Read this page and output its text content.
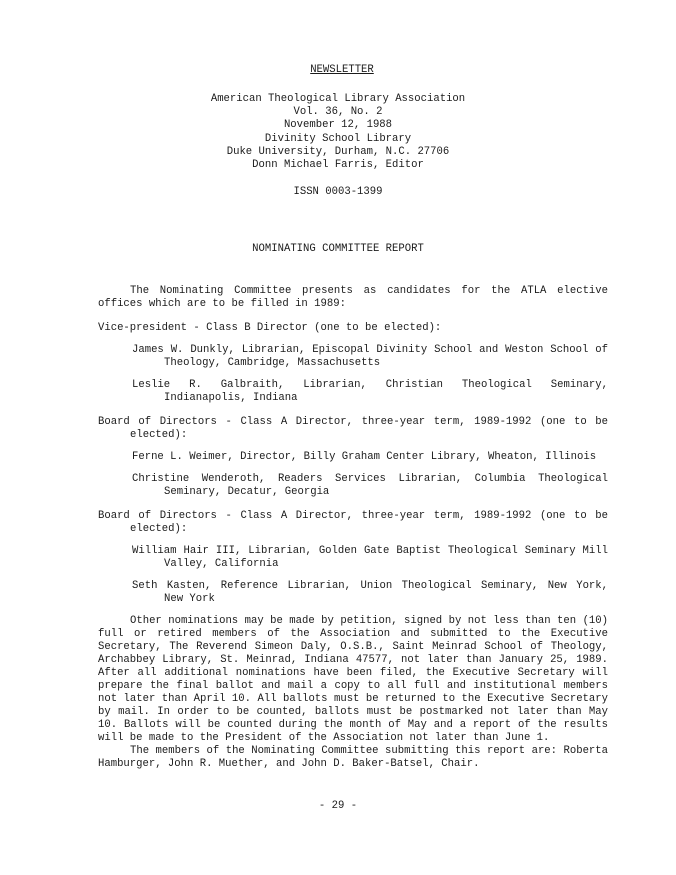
NEWSLETTER
American Theological Library Association
Vol. 36, No. 2
November 12, 1988
Divinity School Library
Duke University, Durham, N.C. 27706
Donn Michael Farris, Editor
ISSN 0003-1399
NOMINATING COMMITTEE REPORT

The Nominating Committee presents as candidates for the ATLA elective offices which are to be filled in 1989:

Vice-president - Class B Director (one to be elected):

James W. Dunkly, Librarian, Episcopal Divinity School and Weston School of Theology, Cambridge, Massachusetts

Leslie R. Galbraith, Librarian, Christian Theological Seminary, Indianapolis, Indiana

Board of Directors - Class A Director, three-year term, 1989-1992 (one to be elected):

Ferne L. Weimer, Director, Billy Graham Center Library, Wheaton, Illinois

Christine Wenderoth, Readers Services Librarian, Columbia Theological Seminary, Decatur, Georgia

Board of Directors - Class A Director, three-year term, 1989-1992 (one to be elected):

William Hair III, Librarian, Golden Gate Baptist Theological Seminary Mill Valley, California

Seth Kasten, Reference Librarian, Union Theological Seminary, New York, New York

Other nominations may be made by petition, signed by not less than ten (10) full or retired members of the Association and submitted to the Executive Secretary, The Reverend Simeon Daly, O.S.B., Saint Meinrad School of Theology, Archabbey Library, St. Meinrad, Indiana 47577, not later than January 25, 1989. After all additional nominations have been filed, the Executive Secretary will prepare the final ballot and mail a copy to all full and institutional members not later than April 10. All ballots must be returned to the Executive Secretary by mail. In order to be counted, ballots must be postmarked not later than May 10. Ballots will be counted during the month of May and a report of the results will be made to the President of the Association not later than June 1.

The members of the Nominating Committee submitting this report are: Roberta Hamburger, John R. Muether, and John D. Baker-Batsel, Chair.

- 29 -
